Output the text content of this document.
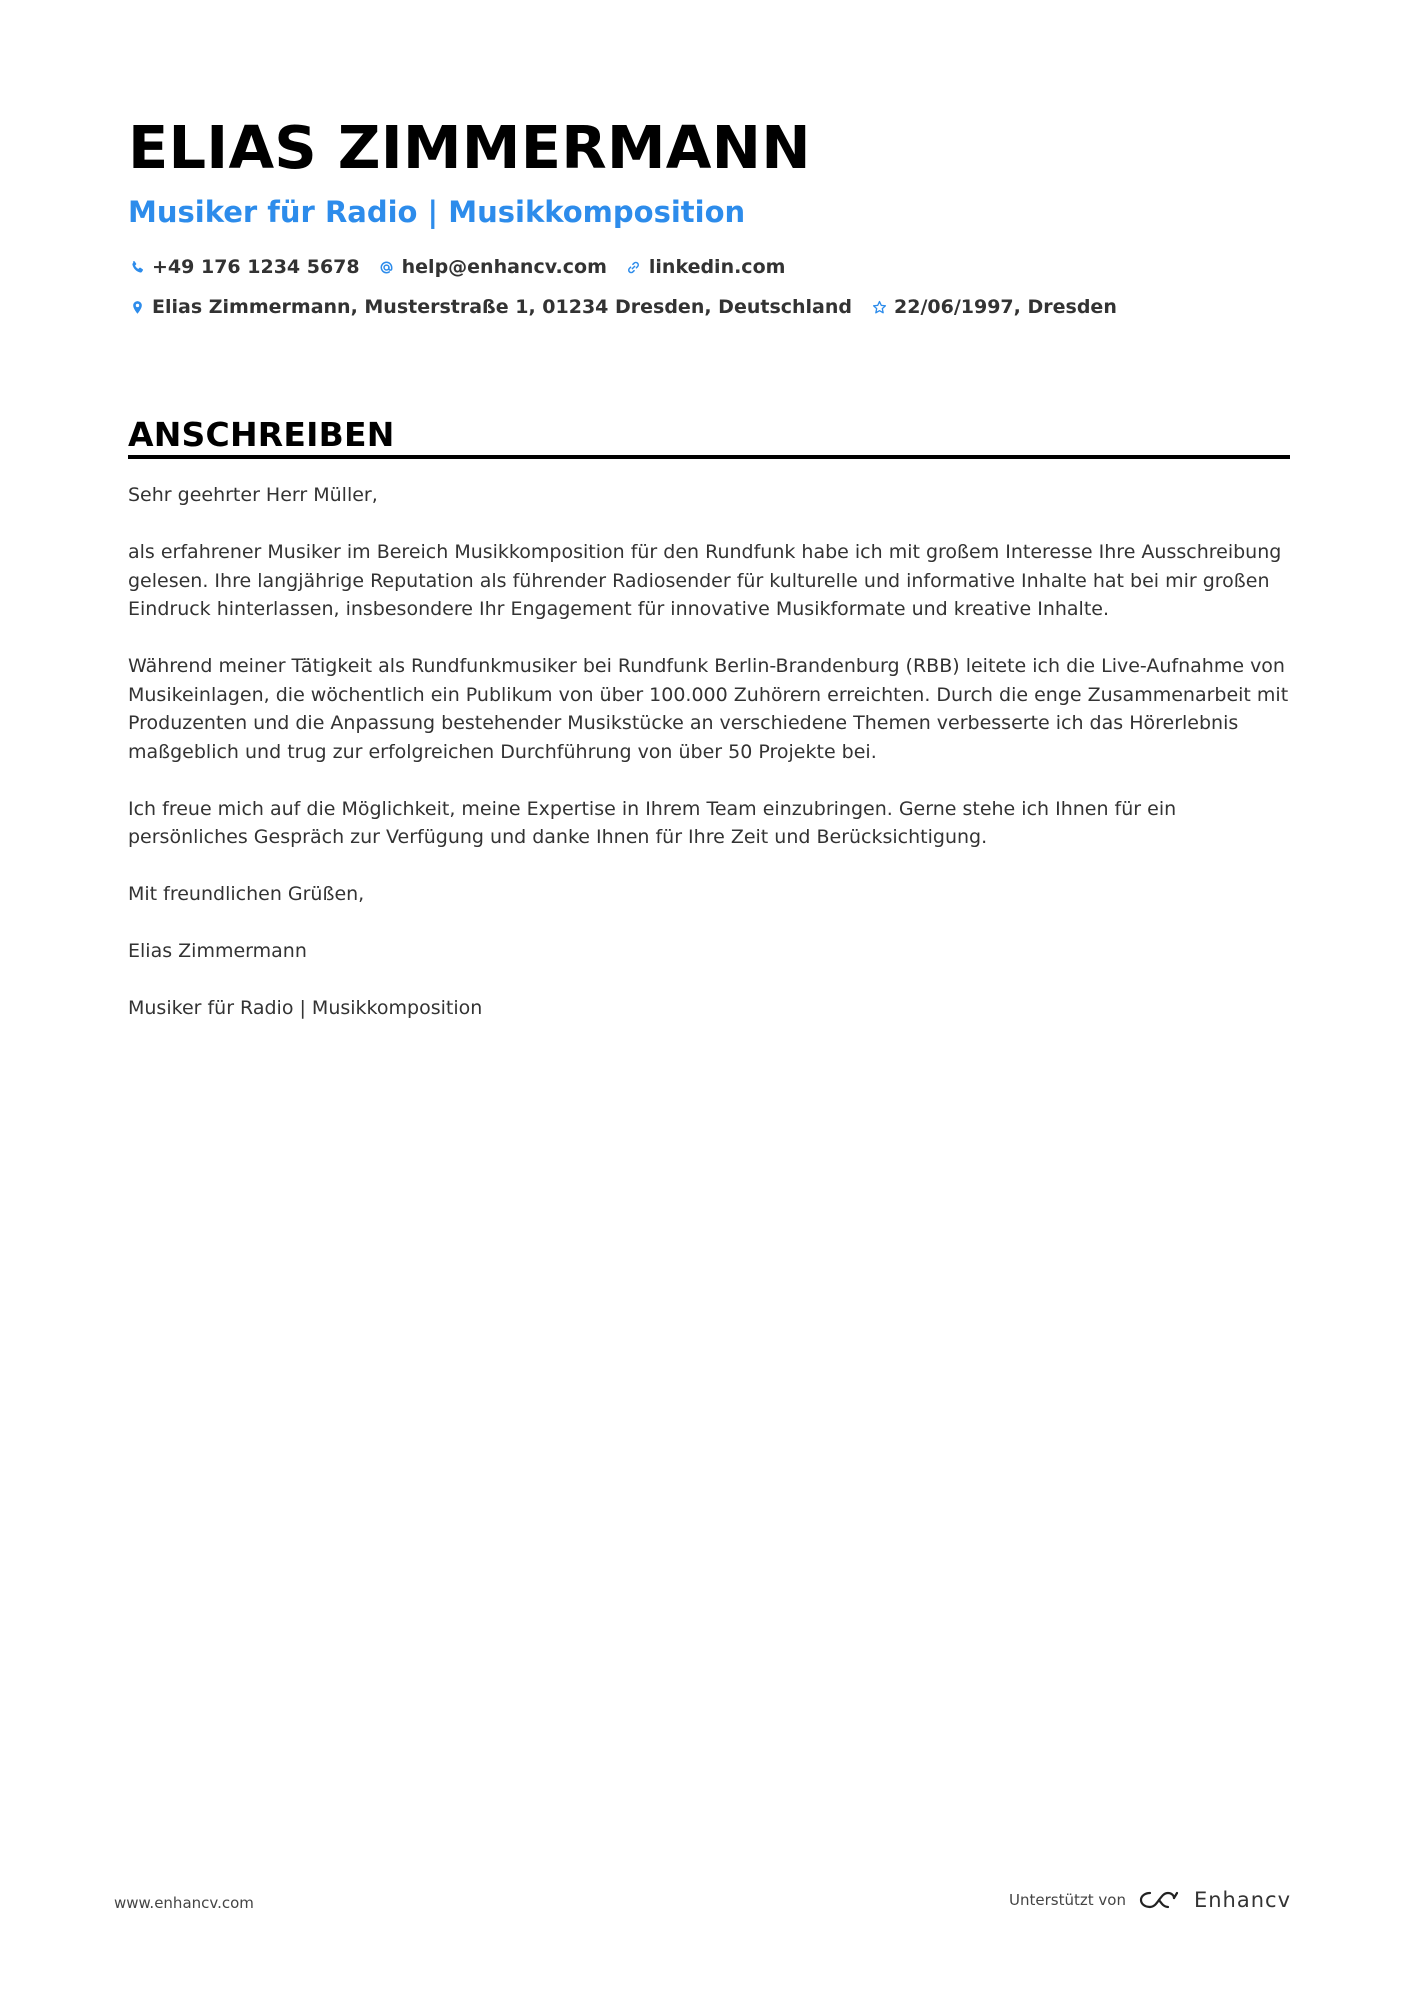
ELIAS ZIMMERMANN
Musiker für Radio | Musikkomposition
+49 176 1234 5678 help@enhancv.com linkedin.com
Elias Zimmermann, Musterstraße 1, 01234 Dresden, Deutschland 22/06/1997, Dresden
ANSCHREIBEN

Sehr geehrter Herr Müller,

als erfahrener Musiker im Bereich Musikkomposition für den Rundfunk habe ich mit großem Interesse Ihre Ausschreibung gelesen. Ihre langjährige Reputation als führender Radiosender für kulturelle und informative Inhalte hat bei mir großen Eindruck hinterlassen, insbesondere Ihr Engagement für innovative Musikformate und kreative Inhalte.

Während meiner Tätigkeit als Rundfunkmusiker bei Rundfunk Berlin-Brandenburg (RBB) leitete ich die Live-Aufnahme von Musikeinlagen, die wöchentlich ein Publikum von über 100.000 Zuhörern erreichten. Durch die enge Zusammenarbeit mit Produzenten und die Anpassung bestehender Musikstücke an verschiedene Themen verbesserte ich das Hörerlebnis maßgeblich und trug zur erfolgreichen Durchführung von über 50 Projekte bei.

Ich freue mich auf die Möglichkeit, meine Expertise in Ihrem Team einzubringen. Gerne stehe ich Ihnen für ein persönliches Gespräch zur Verfügung und danke Ihnen für Ihre Zeit und Berücksichtigung.

Mit freundlichen Grüßen,

Elias Zimmermann

Musiker für Radio | Musikkomposition

www.enhancv.com	Unterstützt von	Enhancv
